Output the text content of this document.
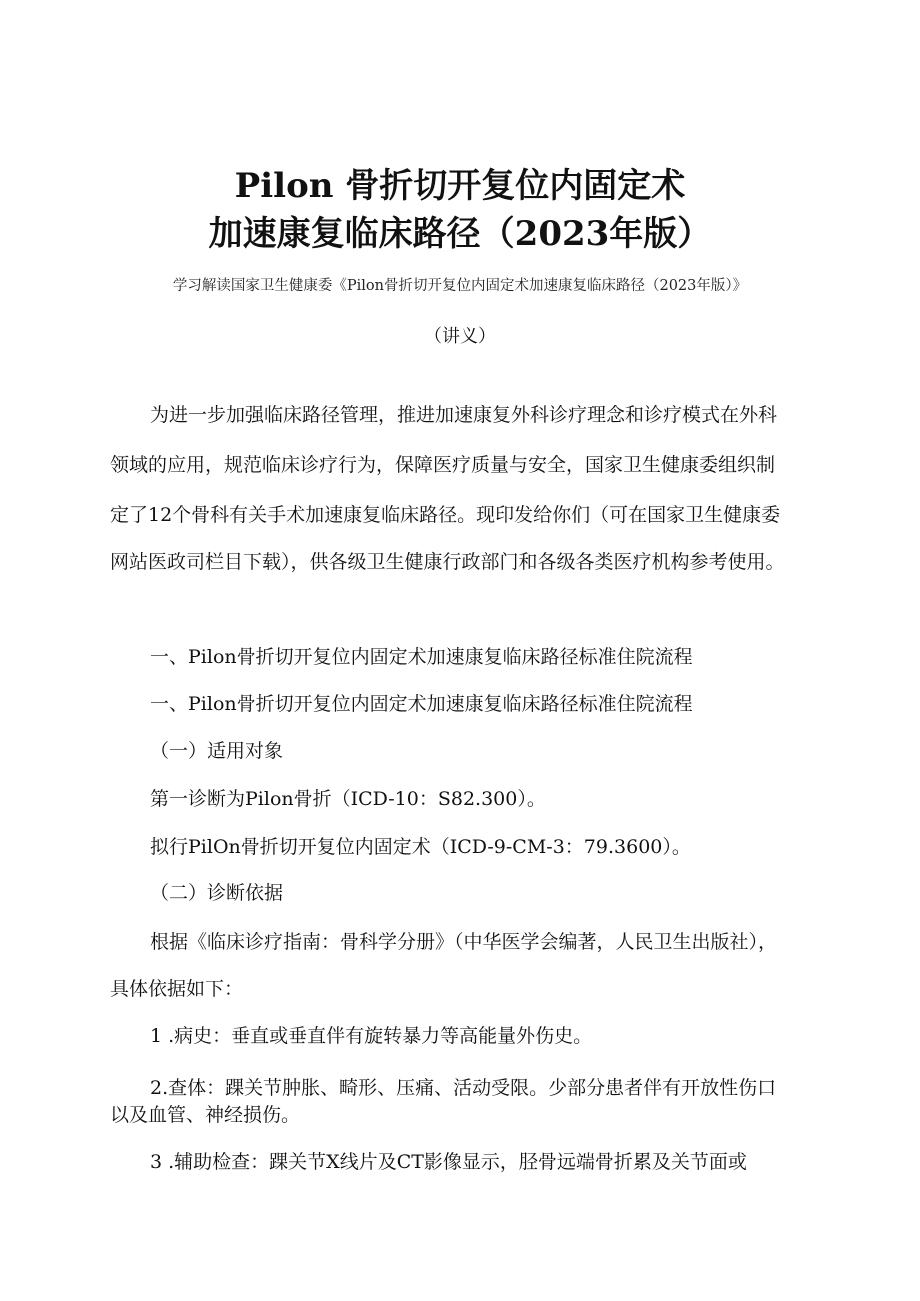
Pilon 骨折切开复位内固定术
加速康复临床路径（2023年版）
学习解读国家卫生健康委《Pilon骨折切开复位内固定术加速康复临床路径（2023年版）》
（讲义）
为进一步加强临床路径管理，推进加速康复外科诊疗理念和诊疗模式在外科
领域的应用，规范临床诊疗行为，保障医疗质量与安全，国家卫生健康委组织制
定了12个骨科有关手术加速康复临床路径。现印发给你们（可在国家卫生健康委
网站医政司栏目下载），供各级卫生健康行政部门和各级各类医疗机构参考使用。
一、Pilon骨折切开复位内固定术加速康复临床路径标准住院流程
一、Pilon骨折切开复位内固定术加速康复临床路径标准住院流程
（一）适用对象
第一诊断为Pilon骨折（ICD-10：S82.300）。
拟行PilOn骨折切开复位内固定术（ICD-9-CM-3：79.3600）。
（二）诊断依据
根据《临床诊疗指南：骨科学分册》（中华医学会编著，人民卫生出版社），
具体依据如下：
1 .病史：垂直或垂直伴有旋转暴力等高能量外伤史。
2.查体：踝关节肿胀、畸形、压痛、活动受限。少部分患者伴有开放性伤口
以及血管、神经损伤。
3 .辅助检查：踝关节X线片及CT影像显示，胫骨远端骨折累及关节面或
